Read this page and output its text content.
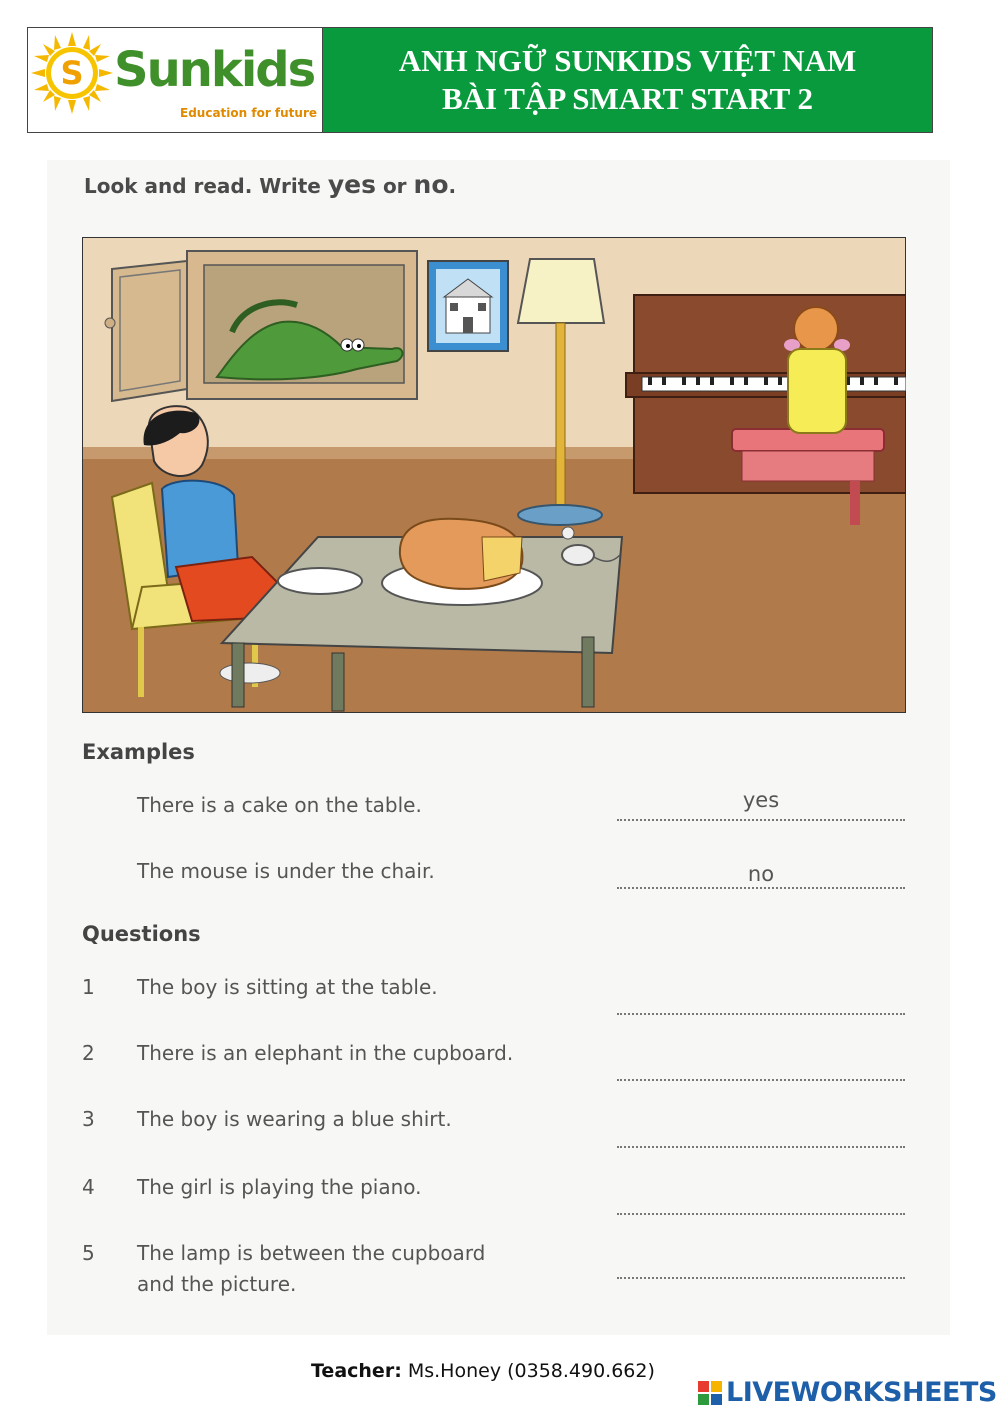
S Sunkids
Education for future
ANH NGỮ SUNKIDS VIỆT NAM
BÀI TẬP SMART START 2
Look and read. Write yes or no.
Examples
There is a cake on the table.	yes
The mouse is under the chair.	no
Questions
1 The boy is sitting at the table.
2 There is an elephant in the cupboard.
3 The boy is wearing a blue shirt.
4 The girl is playing the piano.
5 The lamp is between the cupboard
and the picture.
Teacher: Ms.Honey (0358.490.662)
LIVEWORKSHEETS
